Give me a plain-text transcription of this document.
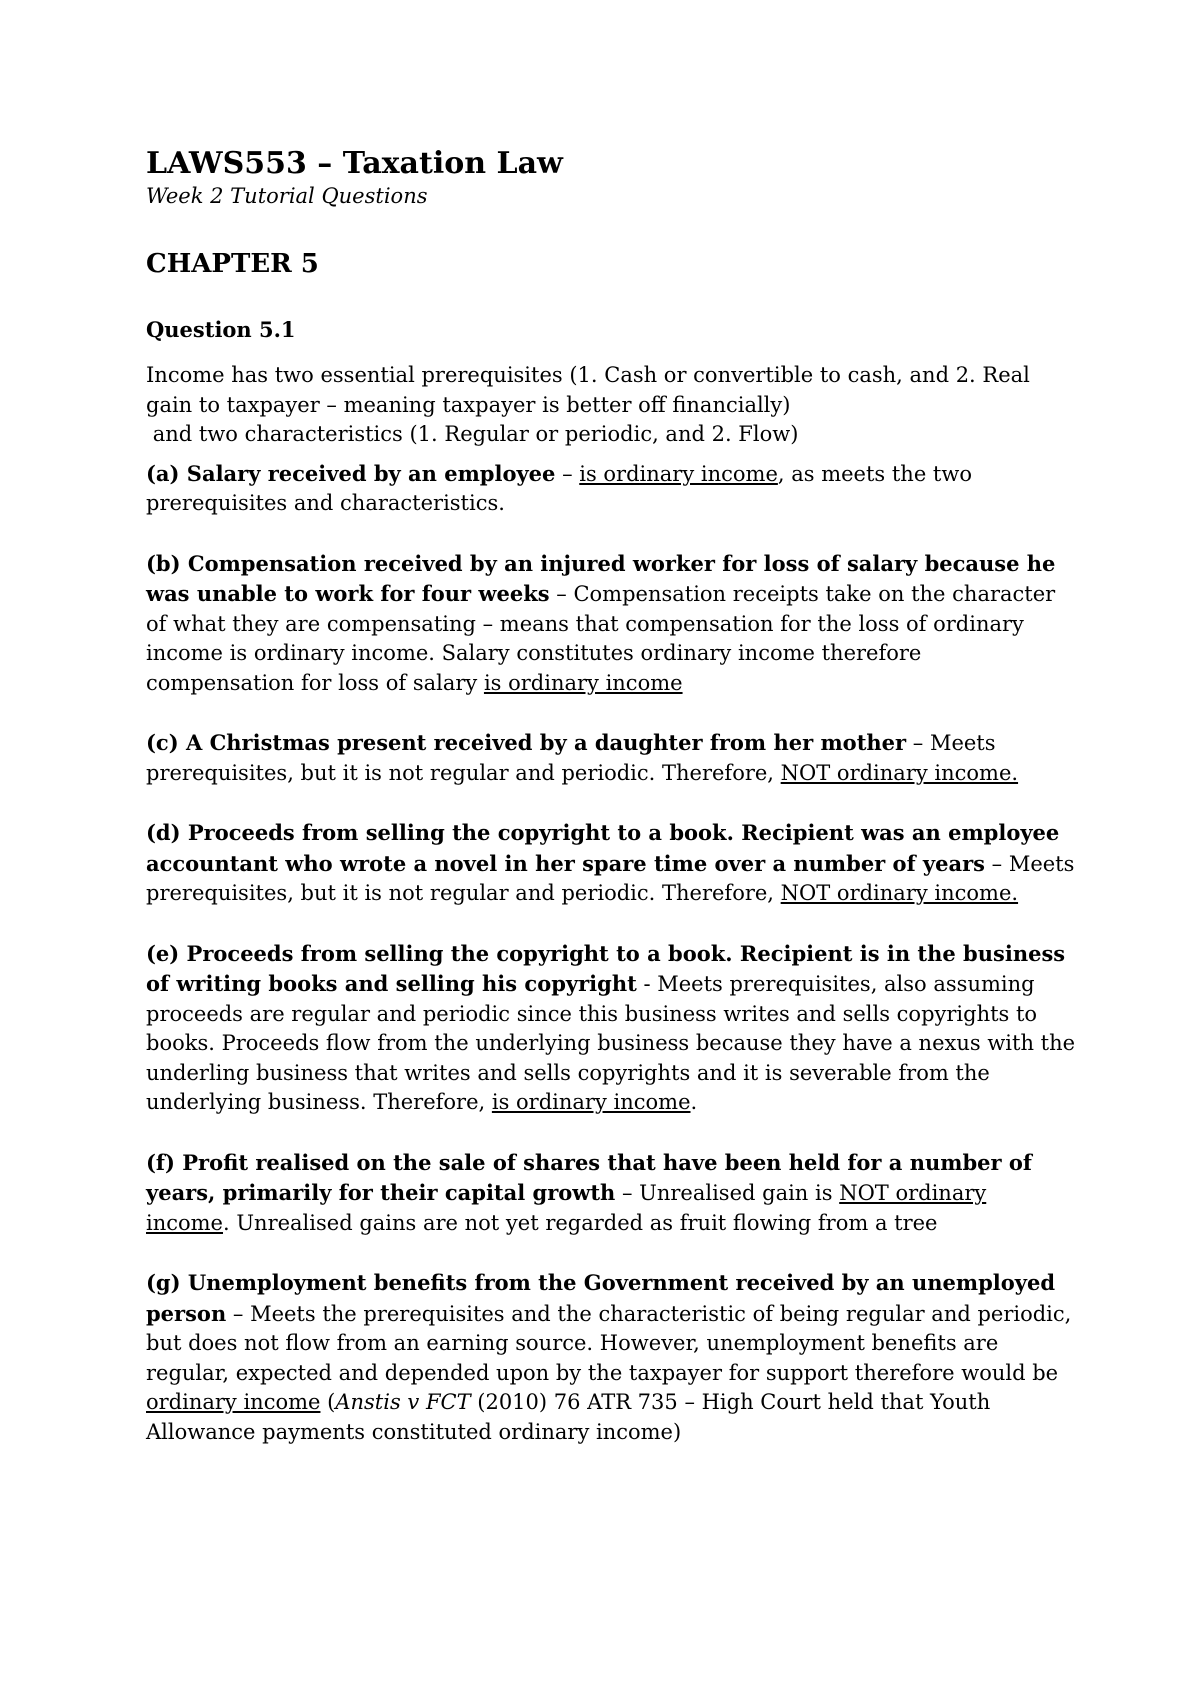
LAWS553 – Taxation Law

Week 2 Tutorial Questions

CHAPTER 5
Question 5.1

Income has two essential prerequisites (1. Cash or convertible to cash, and 2. Real gain to taxpayer – meaning taxpayer is better off financially)

and two characteristics (1. Regular or periodic, and 2. Flow)

(a) Salary received by an employee – is ordinary income, as meets the two prerequisites and characteristics.

(b) Compensation received by an injured worker for loss of salary because he was unable to work for four weeks – Compensation receipts take on the character of what they are compensating – means that compensation for the loss of ordinary income is ordinary income. Salary constitutes ordinary income therefore compensation for loss of salary is ordinary income

(c) A Christmas present received by a daughter from her mother – Meets prerequisites, but it is not regular and periodic. Therefore, NOT ordinary income.

(d) Proceeds from selling the copyright to a book. Recipient was an employee accountant who wrote a novel in her spare time over a number of years – Meets prerequisites, but it is not regular and periodic. Therefore, NOT ordinary income.

(e) Proceeds from selling the copyright to a book. Recipient is in the business of writing books and selling his copyright - Meets prerequisites, also assuming proceeds are regular and periodic since this business writes and sells copyrights to books. Proceeds flow from the underlying business because they have a nexus with the underling business that writes and sells copyrights and it is severable from the underlying business. Therefore, is ordinary income.

(f) Profit realised on the sale of shares that have been held for a number of years, primarily for their capital growth – Unrealised gain is NOT ordinary income. Unrealised gains are not yet regarded as fruit flowing from a tree

(g) Unemployment benefits from the Government received by an unemployed person – Meets the prerequisites and the characteristic of being regular and periodic, but does not flow from an earning source. However, unemployment benefits are regular, expected and depended upon by the taxpayer for support therefore would be ordinary income (Anstis v FCT (2010) 76 ATR 735 – High Court held that Youth Allowance payments constituted ordinary income)
